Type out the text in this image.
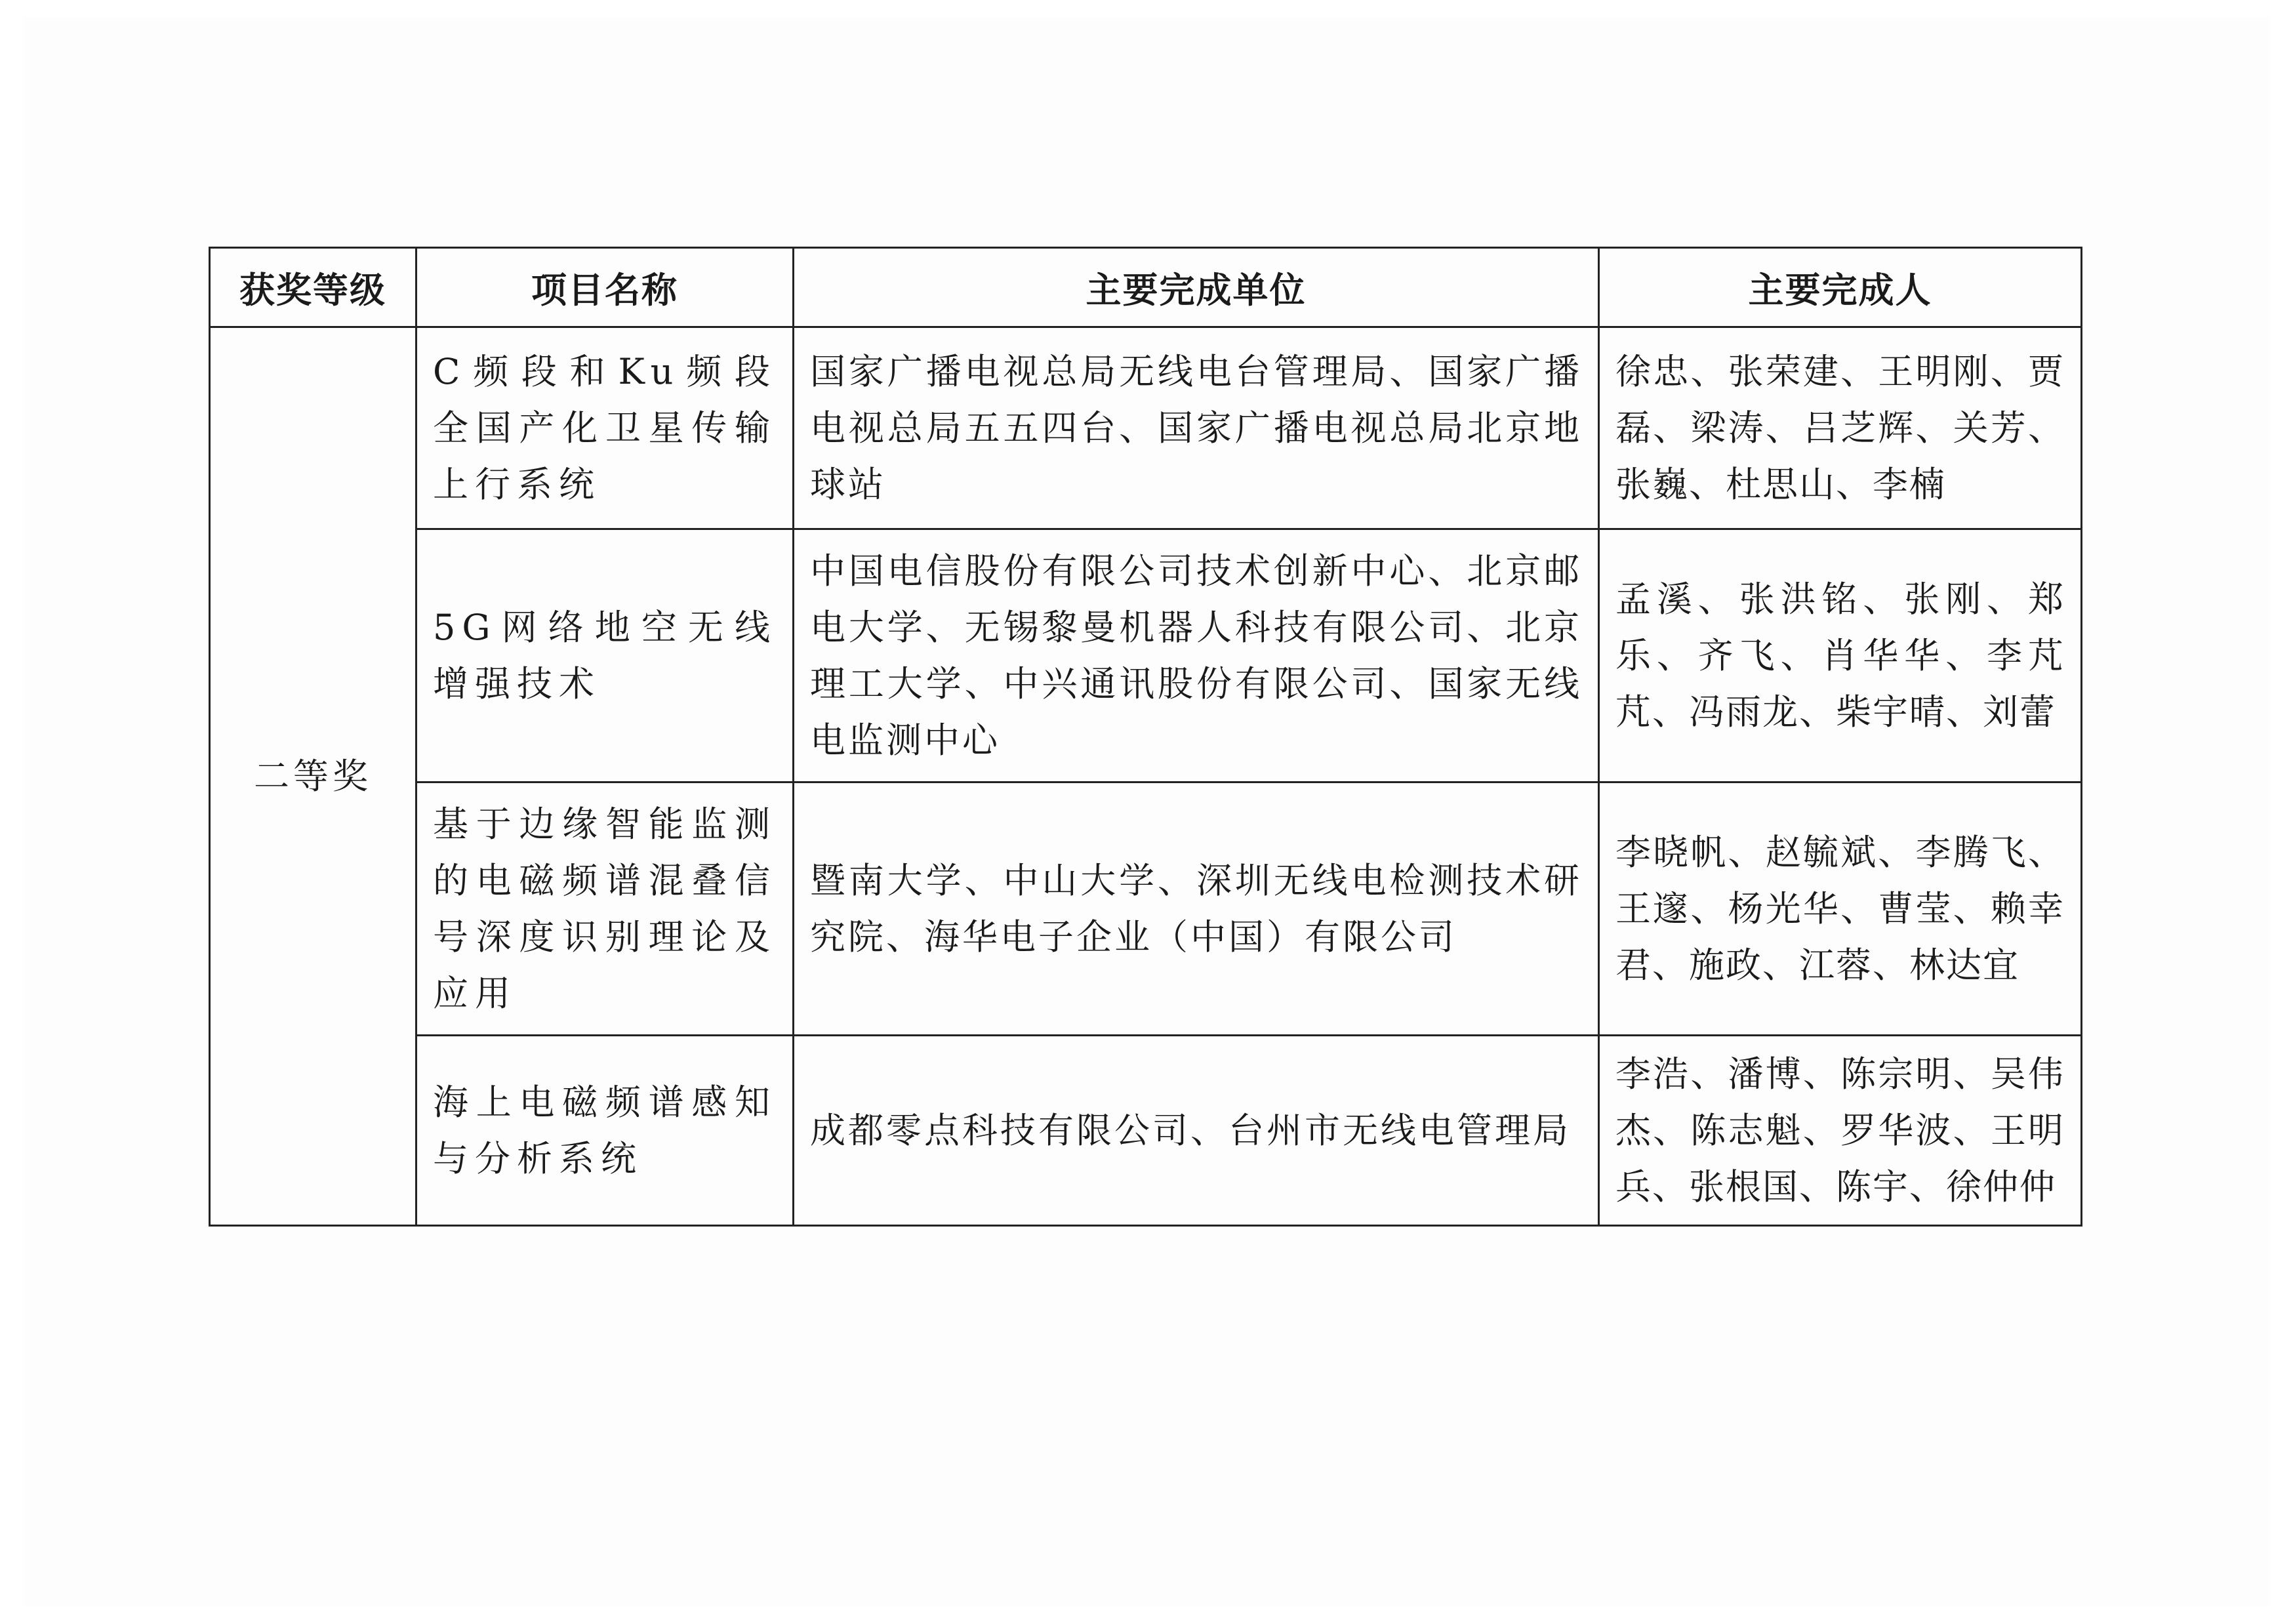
获奖等级	项目名称	主要完成单位	主要完成人
二等奖	C频段和Ku频段全国产化卫星传输上行系统	国家广播电视总局无线电台管理局、国家广播电视总局五五四台、国家广播电视总局北京地球站	徐忠、张荣建、王明刚、贾磊、梁涛、吕芝辉、关芳、张巍、杜思山、李楠
	5G网络地空无线增强技术	中国电信股份有限公司技术创新中心、北京邮电大学、无锡黎曼机器人科技有限公司、北京理工大学、中兴通讯股份有限公司、国家无线电监测中心	孟溪、张洪铭、张刚、郑乐、齐飞、肖华华、李芃芃、冯雨龙、柴宇晴、刘蕾
	基于边缘智能监测的电磁频谱混叠信号深度识别理论及应用	暨南大学、中山大学、深圳无线电检测技术研究院、海华电子企业（中国）有限公司	李晓帆、赵毓斌、李腾飞、王邃、杨光华、曹莹、赖幸君、施政、江蓉、林达宜
	海上电磁频谱感知与分析系统	成都零点科技有限公司、台州市无线电管理局	李浩、潘博、陈宗明、吴伟杰、陈志魁、罗华波、王明兵、张根国、陈宇、徐仲仲
